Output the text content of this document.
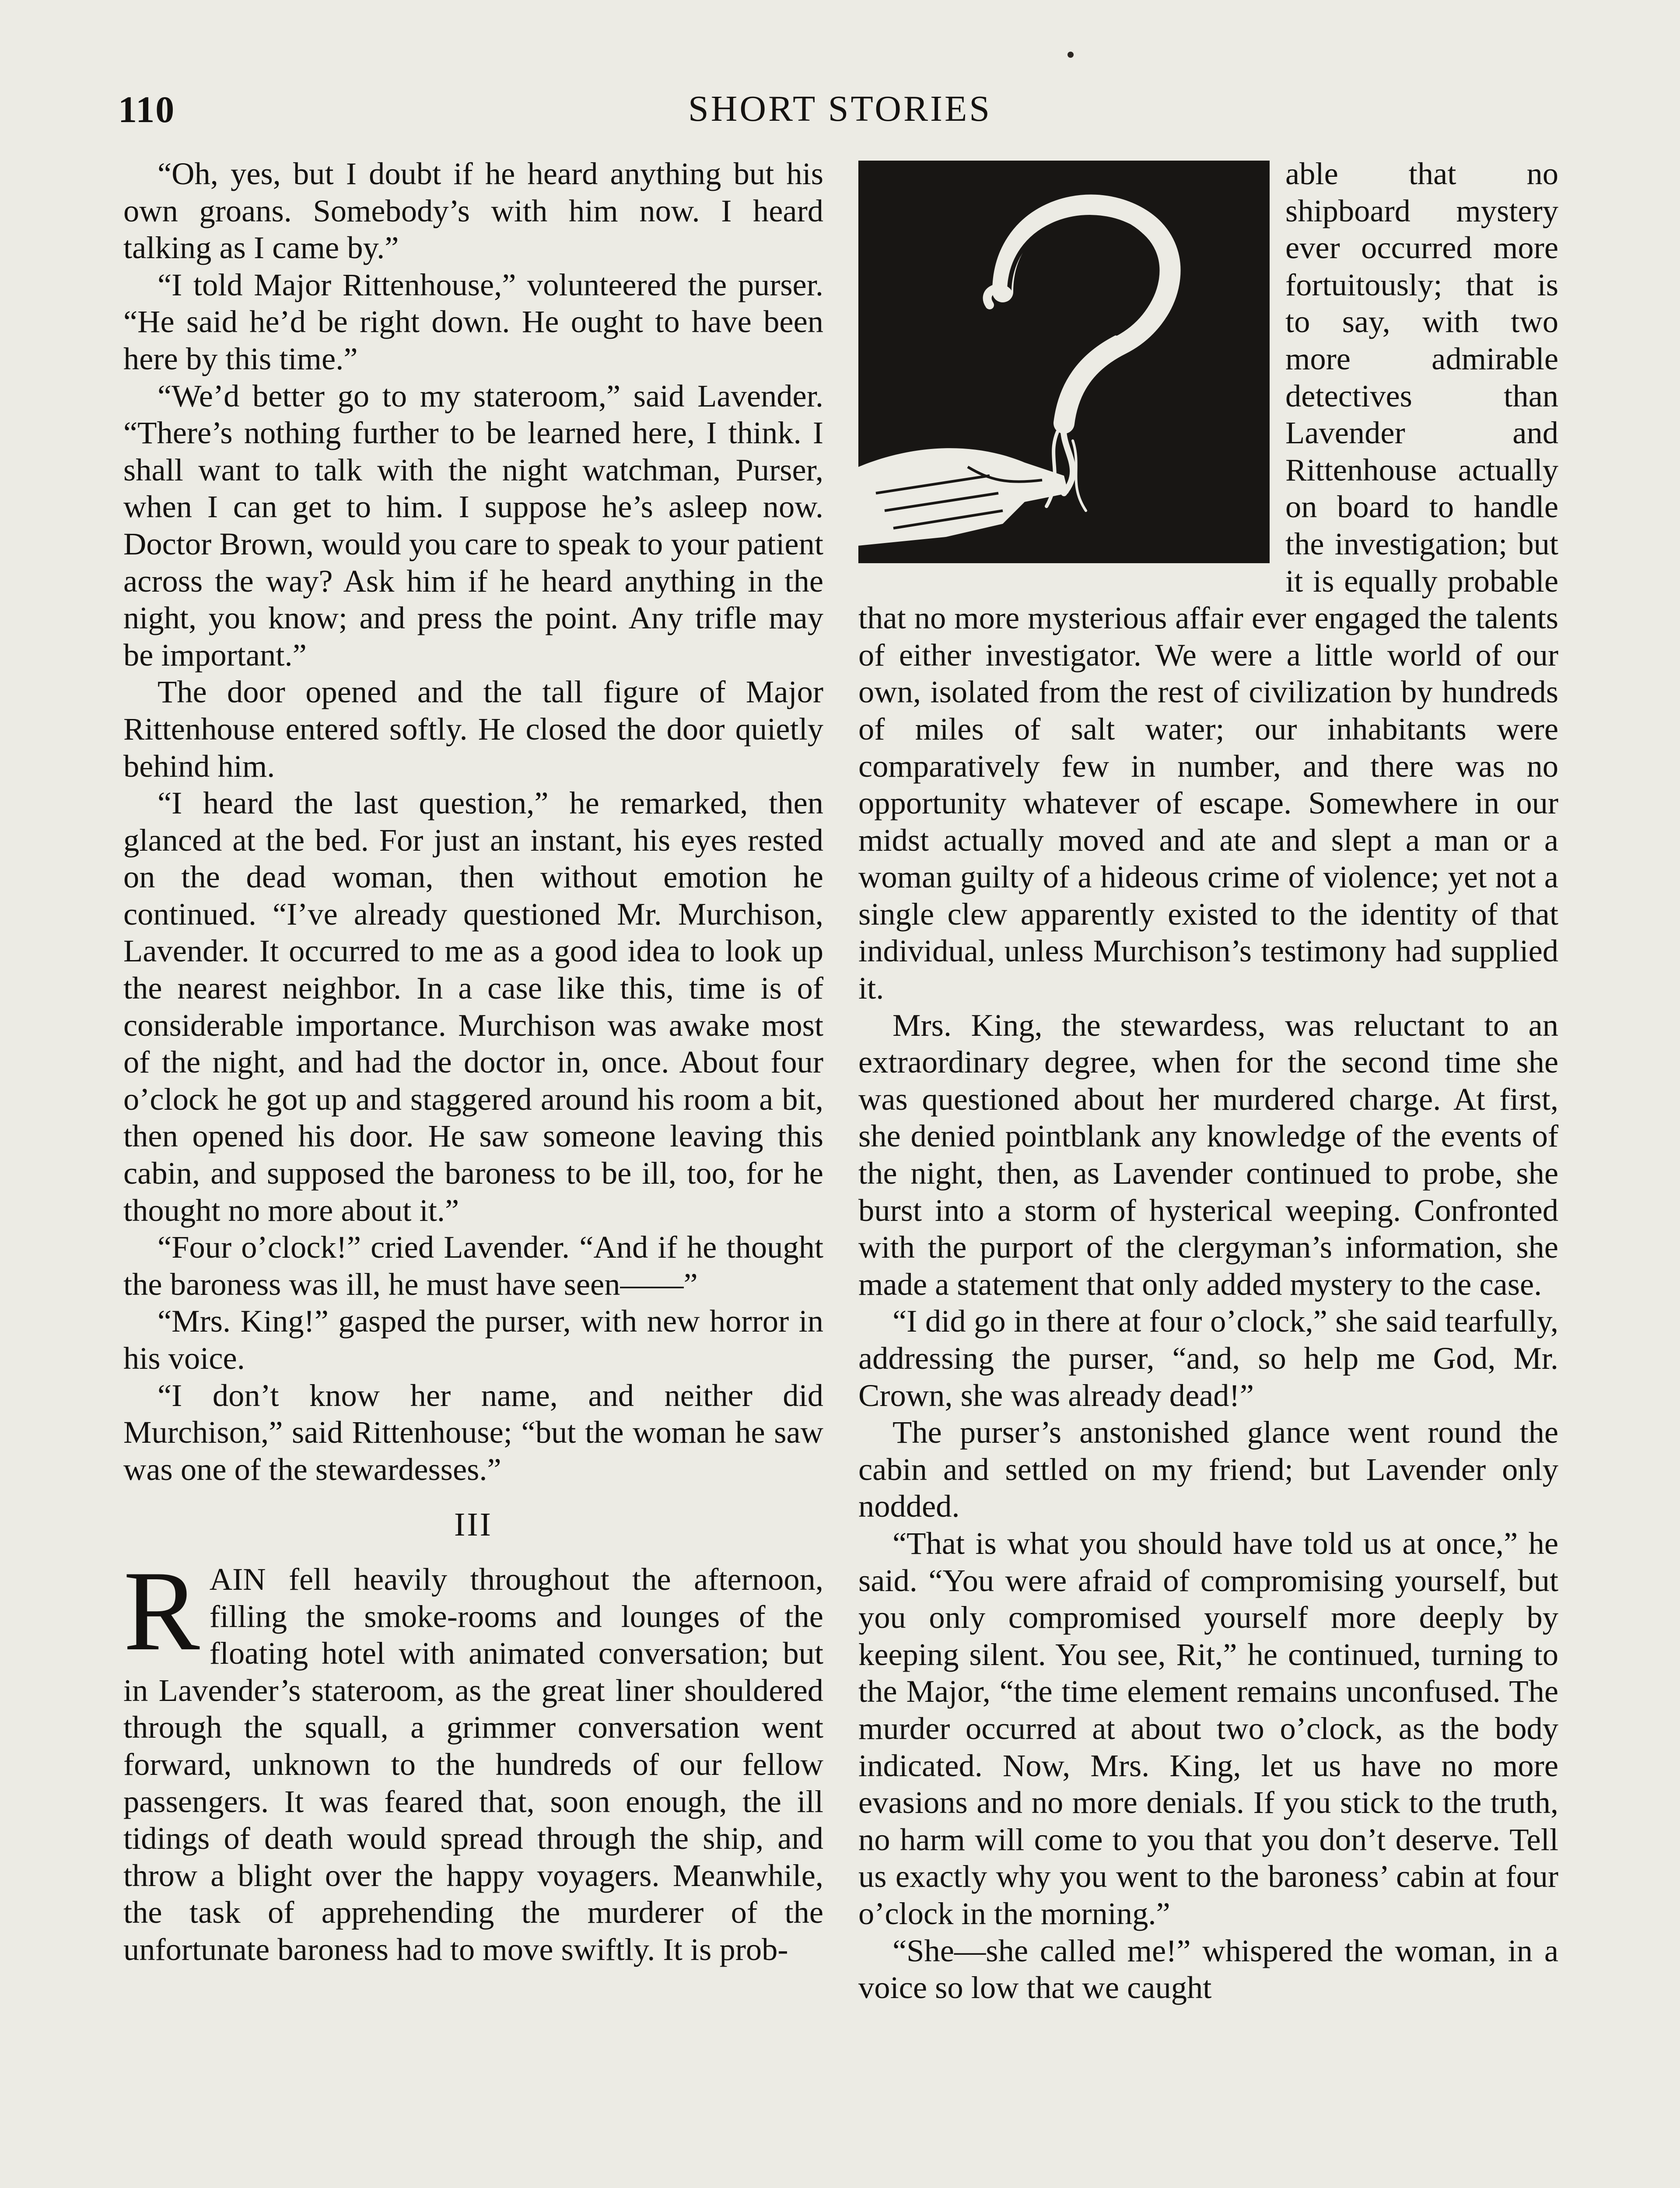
110	SHORT STORIES

“Oh, yes, but I doubt if he heard anything but his own groans. Somebody’s with him now. I heard talking as I came by.”

“I told Major Rittenhouse,” volunteered the purser. “He said he’d be right down. He ought to have been here by this time.”

“We’d better go to my stateroom,” said Lavender. “There’s nothing further to be learned here, I think. I shall want to talk with the night watchman, Purser, when I can get to him. I suppose he’s asleep now. Doctor Brown, would you care to speak to your patient across the way? Ask him if he heard anything in the night, you know; and press the point. Any trifle may be important.”

The door opened and the tall figure of Major Rittenhouse entered softly. He closed the door quietly behind him.

“I heard the last question,” he remarked, then glanced at the bed. For just an instant, his eyes rested on the dead woman, then without emotion he continued. “I’ve already questioned Mr. Murchison, Lavender. It occurred to me as a good idea to look up the nearest neighbor. In a case like this, time is of considerable importance. Murchison was awake most of the night, and had the doctor in, once. About four o’clock he got up and staggered around his room a bit, then opened his door. He saw someone leaving this cabin, and supposed the baroness to be ill, too, for he thought no more about it.”

“Four o’clock!” cried Lavender. “And if he thought the baroness was ill, he must have seen——”

“Mrs. King!” gasped the purser, with new horror in his voice.

“I don’t know her name, and neither did Murchison,” said Rittenhouse; “but the woman he saw was one of the stewardesses.”

III

RAIN fell heavily throughout the afternoon, filling the smoke-rooms and lounges of the floating hotel with animated conversation; but in Lavender’s stateroom, as the great liner shouldered through the squall, a grimmer conversation went forward, unknown to the hundreds of our fellow passengers. It was feared that, soon enough, the ill tidings of death would spread through the ship, and throw a blight over the happy voyagers. Meanwhile, the task of apprehending the murderer of the unfortunate baroness had to move swiftly. It is prob-

able that no shipboard mystery ever occurred more fortuitously; that is to say, with two more admirable detectives than Lavender and Rittenhouse actually on board to handle the investigation; but it is equally probable that no more mysterious affair ever engaged the talents of either investigator. We were a little world of our own, isolated from the rest of civilization by hundreds of miles of salt water; our inhabitants were comparatively few in number, and there was no opportunity whatever of escape. Somewhere in our midst actually moved and ate and slept a man or a woman guilty of a hideous crime of violence; yet not a single clew apparently existed to the identity of that individual, unless Murchison’s testimony had supplied it.

Mrs. King, the stewardess, was reluctant to an extraordinary degree, when for the second time she was questioned about her murdered charge. At first, she denied pointblank any knowledge of the events of the night, then, as Lavender continued to probe, she burst into a storm of hysterical weeping. Confronted with the purport of the clergyman’s information, she made a statement that only added mystery to the case.

“I did go in there at four o’clock,” she said tearfully, addressing the purser, “and, so help me God, Mr. Crown, she was already dead!”

The purser’s anstonished glance went round the cabin and settled on my friend; but Lavender only nodded.

“That is what you should have told us at once,” he said. “You were afraid of compromising yourself, but you only compromised yourself more deeply by keeping silent. You see, Rit,” he continued, turning to the Major, “the time element remains unconfused. The murder occurred at about two o’clock, as the body indicated. Now, Mrs. King, let us have no more evasions and no more denials. If you stick to the truth, no harm will come to you that you don’t deserve. Tell us exactly why you went to the baroness’ cabin at four o’clock in the morning.”

“She—she called me!” whispered the woman, in a voice so low that we caught
